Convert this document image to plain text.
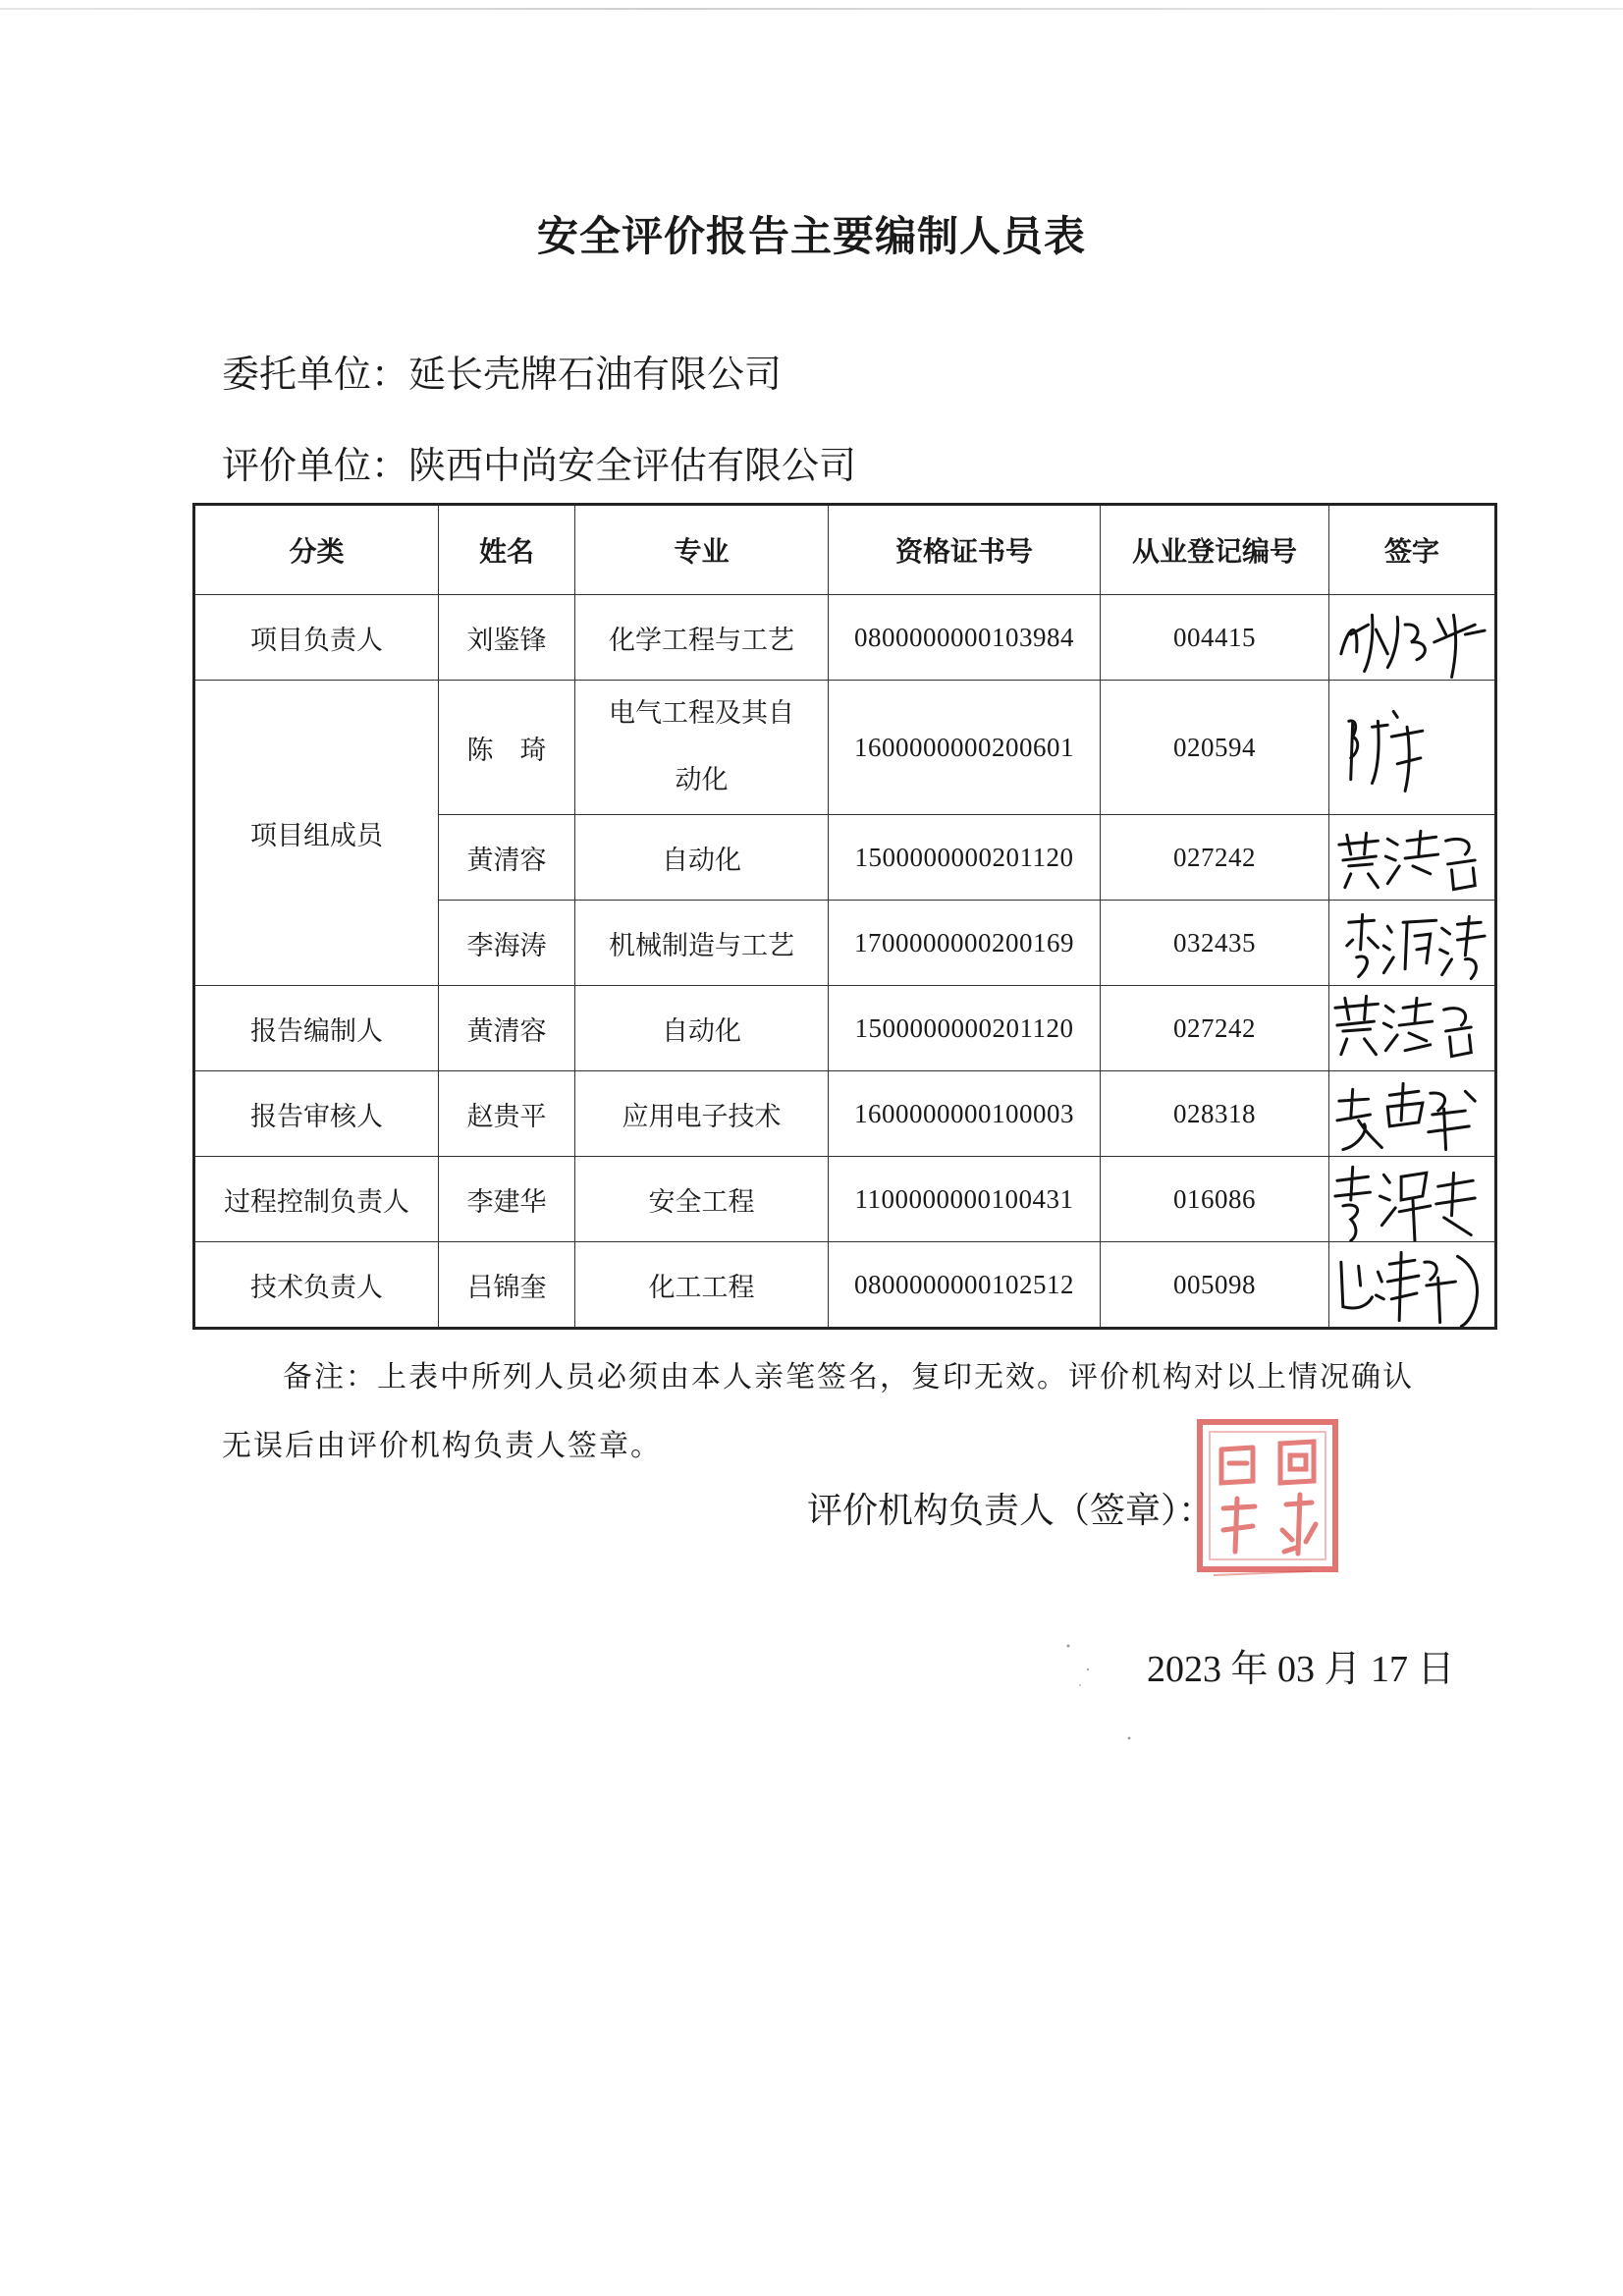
安全评价报告主要编制人员表
委托单位：延长壳牌石油有限公司
评价单位：陕西中尚安全评估有限公司
分类	姓名	专业	资格证书号	从业登记编号	签字
项目负责人	刘鉴锋	化学工程与工艺	0800000000103984	004415	

项目组成员	陈　琦	电气工程及其自
动化	1600000000200601	020594	

	黄清容	自动化	1500000000201120	027242	

	李海涛	机械制造与工艺	1700000000200169	032435	

报告编制人	黄清容	自动化	1500000000201120	027242	

报告审核人	赵贵平	应用电子技术	1600000000100003	028318	

过程控制负责人	李建华	安全工程	1100000000100431	016086	

技术负责人	吕锦奎	化工工程	0800000000102512	005098	
备注：上表中所列人员必须由本人亲笔签名，复印无效。评价机构对以上情况确认
无误后由评价机构负责人签章。
评价机构负责人（签章）：
2023 年 03 月 17 日
